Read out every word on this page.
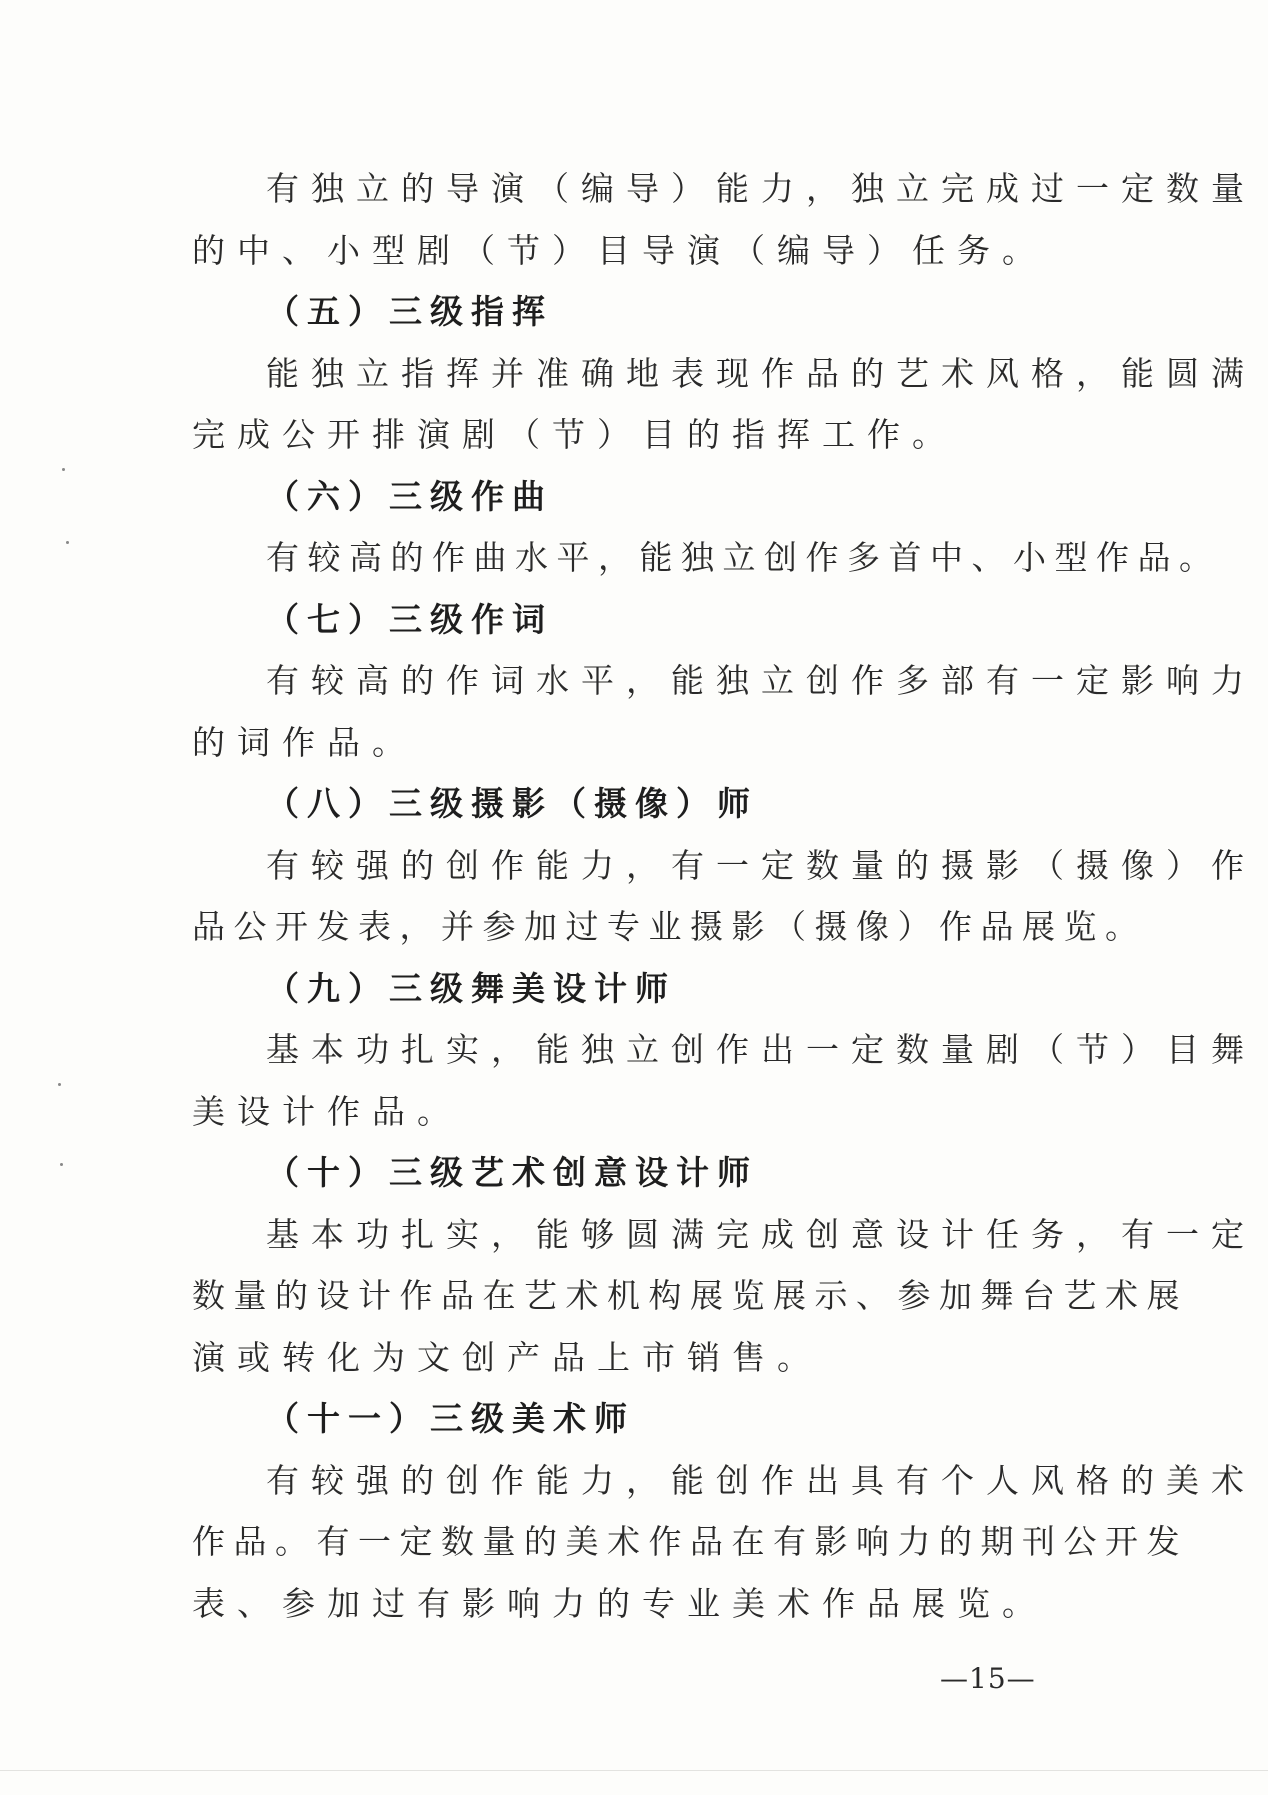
有独立的导演（编导）能力，独立完成过一定数量
的中、小型剧（节）目导演（编导）任务。
（五）三级指挥
能独立指挥并准确地表现作品的艺术风格，能圆满
完成公开排演剧（节）目的指挥工作。
（六）三级作曲
有较高的作曲水平，能独立创作多首中、小型作品。
（七）三级作词
有较高的作词水平，能独立创作多部有一定影响力
的词作品。
（八）三级摄影（摄像）师
有较强的创作能力，有一定数量的摄影（摄像）作
品公开发表，并参加过专业摄影（摄像）作品展览。
（九）三级舞美设计师
基本功扎实，能独立创作出一定数量剧（节）目舞
美设计作品。
（十）三级艺术创意设计师
基本功扎实，能够圆满完成创意设计任务，有一定
数量的设计作品在艺术机构展览展示、参加舞台艺术展
演或转化为文创产品上市销售。
（十一）三级美术师
有较强的创作能力，能创作出具有个人风格的美术
作品。有一定数量的美术作品在有影响力的期刊公开发
表、参加过有影响力的专业美术作品展览。
—15—
